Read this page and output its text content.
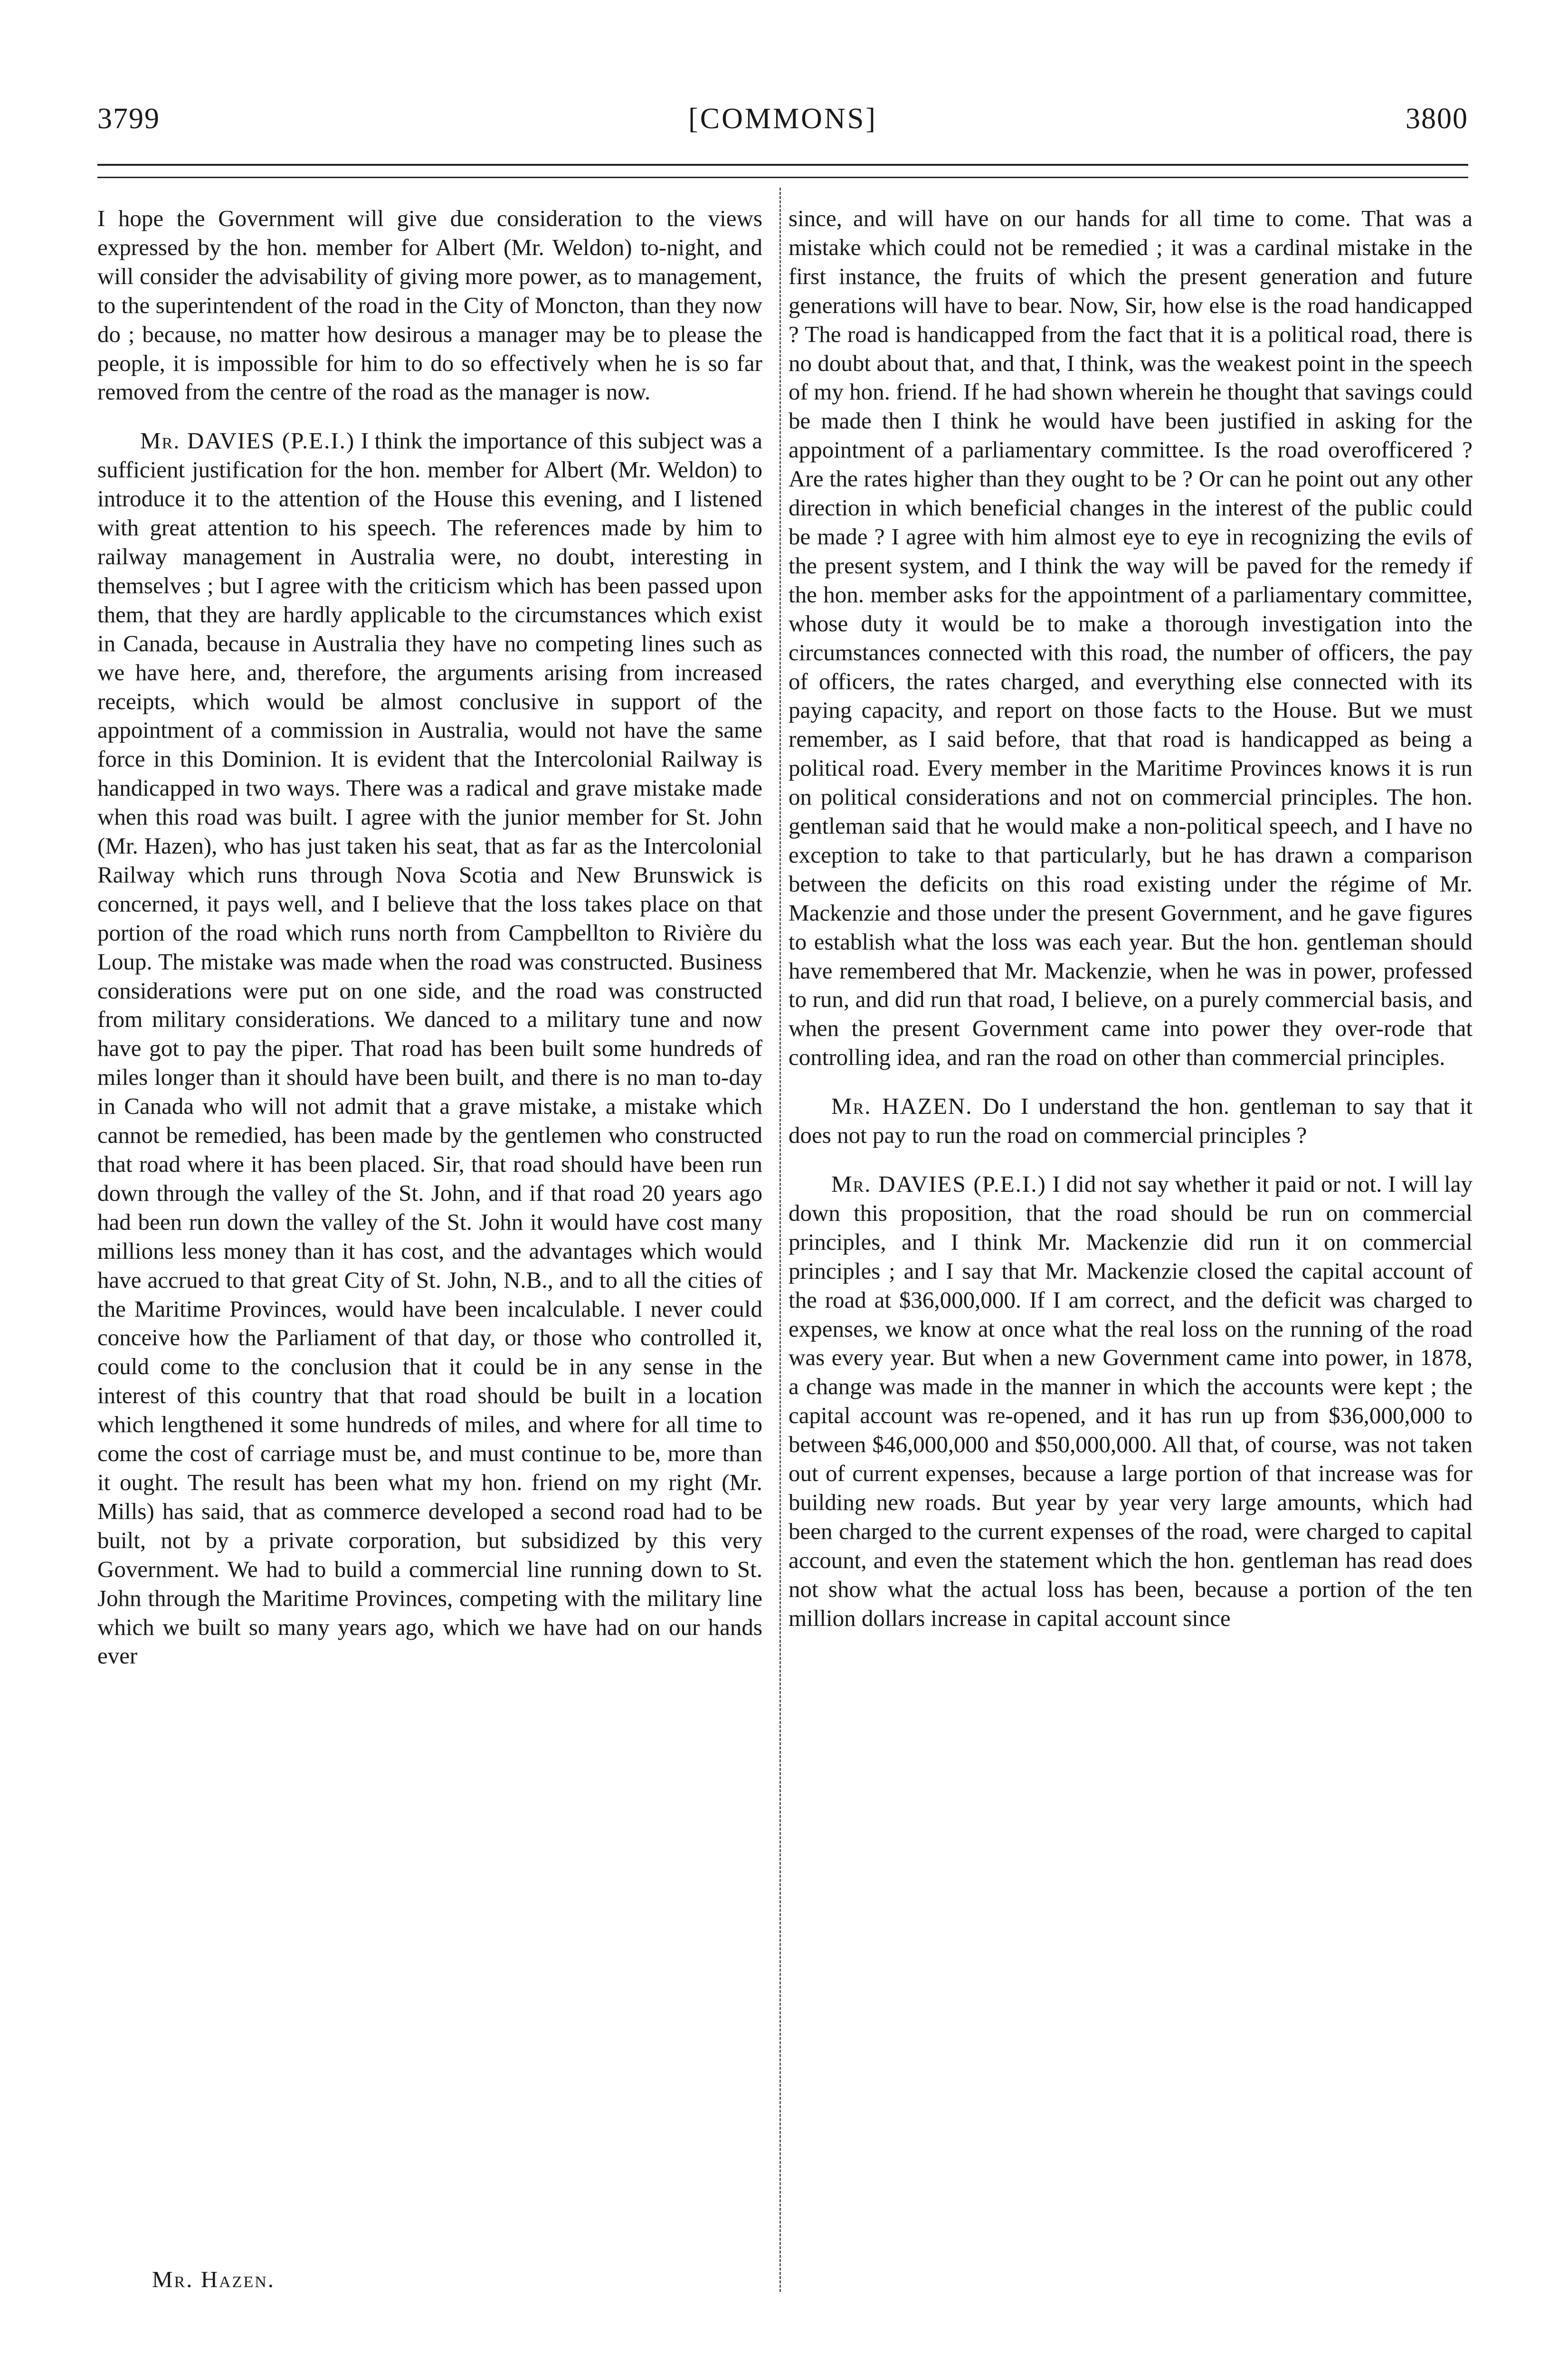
3799	[COMMONS]	3800

I hope the Government will give due consideration to the views expressed by the hon. member for Albert (Mr. Weldon) to-night, and will consider the advisability of giving more power, as to management, to the superintendent of the road in the City of Moncton, than they now do ; because, no matter how desirous a manager may be to please the people, it is impossible for him to do so effectively when he is so far removed from the centre of the road as the manager is now.

Mr. DAVIES (P.E.I.) I think the importance of this subject was a sufficient justification for the hon. member for Albert (Mr. Weldon) to introduce it to the attention of the House this evening, and I listened with great attention to his speech. The references made by him to railway management in Australia were, no doubt, interesting in themselves ; but I agree with the criticism which has been passed upon them, that they are hardly applicable to the circumstances which exist in Canada, because in Australia they have no competing lines such as we have here, and, therefore, the arguments arising from increased receipts, which would be almost conclusive in support of the appointment of a commission in Australia, would not have the same force in this Dominion. It is evident that the Intercolonial Railway is handicapped in two ways. There was a radical and grave mistake made when this road was built. I agree with the junior member for St. John (Mr. Hazen), who has just taken his seat, that as far as the Intercolonial Railway which runs through Nova Scotia and New Brunswick is concerned, it pays well, and I believe that the loss takes place on that portion of the road which runs north from Campbellton to Rivière du Loup. The mistake was made when the road was constructed. Business considerations were put on one side, and the road was constructed from military considerations. We danced to a military tune and now have got to pay the piper. That road has been built some hundreds of miles longer than it should have been built, and there is no man to-day in Canada who will not admit that a grave mistake, a mistake which cannot be remedied, has been made by the gentlemen who constructed that road where it has been placed. Sir, that road should have been run down through the valley of the St. John, and if that road 20 years ago had been run down the valley of the St. John it would have cost many millions less money than it has cost, and the advantages which would have accrued to that great City of St. John, N.B., and to all the cities of the Maritime Provinces, would have been incalculable. I never could conceive how the Parliament of that day, or those who controlled it, could come to the conclusion that it could be in any sense in the interest of this country that that road should be built in a location which lengthened it some hundreds of miles, and where for all time to come the cost of carriage must be, and must continue to be, more than it ought. The result has been what my hon. friend on my right (Mr. Mills) has said, that as commerce developed a second road had to be built, not by a private corporation, but subsidized by this very Government. We had to build a commercial line running down to St. John through the Maritime Provinces, competing with the military line which we built so many years ago, which we have had on our hands ever

since, and will have on our hands for all time to come. That was a mistake which could not be remedied ; it was a cardinal mistake in the first instance, the fruits of which the present generation and future generations will have to bear. Now, Sir, how else is the road handicapped ? The road is handicapped from the fact that it is a political road, there is no doubt about that, and that, I think, was the weakest point in the speech of my hon. friend. If he had shown wherein he thought that savings could be made then I think he would have been justified in asking for the appointment of a parliamentary committee. Is the road overofficered ? Are the rates higher than they ought to be ? Or can he point out any other direction in which beneficial changes in the interest of the public could be made ? I agree with him almost eye to eye in recognizing the evils of the present system, and I think the way will be paved for the remedy if the hon. member asks for the appointment of a parliamentary committee, whose duty it would be to make a thorough investigation into the circumstances connected with this road, the number of officers, the pay of officers, the rates charged, and everything else connected with its paying capacity, and report on those facts to the House. But we must remember, as I said before, that that road is handicapped as being a political road. Every member in the Maritime Provinces knows it is run on political considerations and not on commercial principles. The hon. gentleman said that he would make a non-political speech, and I have no exception to take to that particularly, but he has drawn a comparison between the deficits on this road existing under the régime of Mr. Mackenzie and those under the present Government, and he gave figures to establish what the loss was each year. But the hon. gentleman should have remembered that Mr. Mackenzie, when he was in power, professed to run, and did run that road, I believe, on a purely commercial basis, and when the present Government came into power they over-rode that controlling idea, and ran the road on other than commercial principles.

Mr. HAZEN. Do I understand the hon. gentleman to say that it does not pay to run the road on commercial principles ?

Mr. DAVIES (P.E.I.) I did not say whether it paid or not. I will lay down this proposition, that the road should be run on commercial principles, and I think Mr. Mackenzie did run it on commercial principles ; and I say that Mr. Mackenzie closed the capital account of the road at $36,000,000. If I am correct, and the deficit was charged to expenses, we know at once what the real loss on the running of the road was every year. But when a new Government came into power, in 1878, a change was made in the manner in which the accounts were kept ; the capital account was re-opened, and it has run up from $36,000,000 to between $46,000,000 and $50,000,000. All that, of course, was not taken out of current expenses, because a large portion of that increase was for building new roads. But year by year very large amounts, which had been charged to the current expenses of the road, were charged to capital account, and even the statement which the hon. gentleman has read does not show what the actual loss has been, because a portion of the ten million dollars increase in capital account since

Mr. Hazen.
